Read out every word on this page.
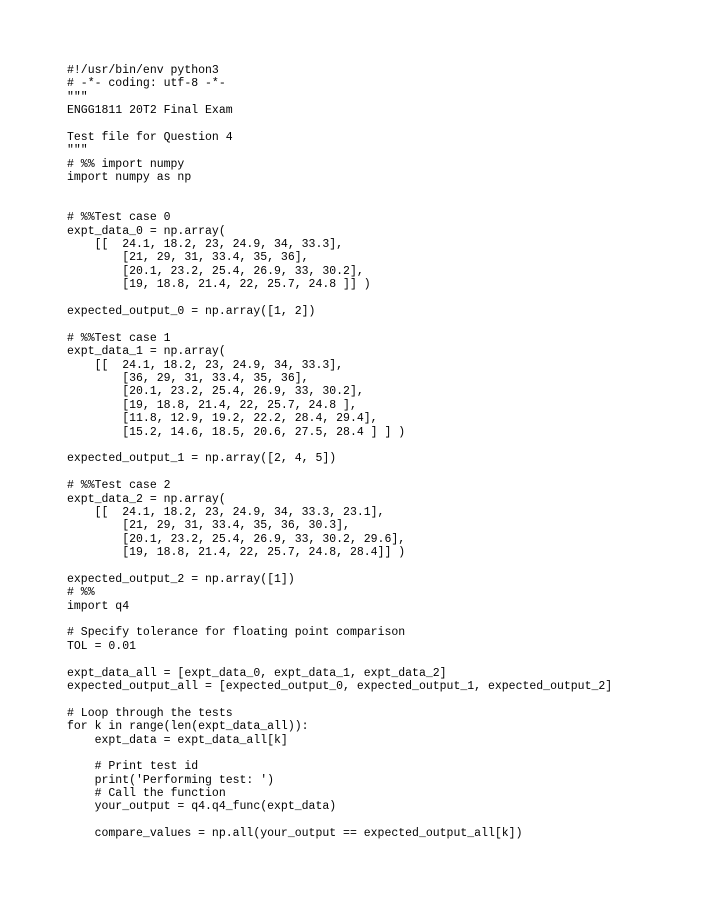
#!/usr/bin/env python3
# -*- coding: utf-8 -*-
"""
ENGG1811 20T2 Final Exam
Test file for Question 4
"""
# %% import numpy
import numpy as np
# %%Test case 0
expt_data_0 = np.array(
[[  24.1, 18.2, 23, 24.9, 34, 33.3],
[21, 29, 31, 33.4, 35, 36],
[20.1, 23.2, 25.4, 26.9, 33, 30.2],
[19, 18.8, 21.4, 22, 25.7, 24.8 ]] )
expected_output_0 = np.array([1, 2])
# %%Test case 1
expt_data_1 = np.array(
[[  24.1, 18.2, 23, 24.9, 34, 33.3],
[36, 29, 31, 33.4, 35, 36],
[20.1, 23.2, 25.4, 26.9, 33, 30.2],
[19, 18.8, 21.4, 22, 25.7, 24.8 ],
[11.8, 12.9, 19.2, 22.2, 28.4, 29.4],
[15.2, 14.6, 18.5, 20.6, 27.5, 28.4 ] ] )
expected_output_1 = np.array([2, 4, 5])
# %%Test case 2
expt_data_2 = np.array(
[[  24.1, 18.2, 23, 24.9, 34, 33.3, 23.1],
[21, 29, 31, 33.4, 35, 36, 30.3],
[20.1, 23.2, 25.4, 26.9, 33, 30.2, 29.6],
[19, 18.8, 21.4, 22, 25.7, 24.8, 28.4]] )
expected_output_2 = np.array([1])
# %%
import q4
# Specify tolerance for floating point comparison
TOL = 0.01
expt_data_all = [expt_data_0, expt_data_1, expt_data_2]
expected_output_all = [expected_output_0, expected_output_1, expected_output_2]
# Loop through the tests
for k in range(len(expt_data_all)):
expt_data = expt_data_all[k]
# Print test id
print('Performing test: ')
# Call the function
your_output = q4.q4_func(expt_data)
compare_values = np.all(your_output == expected_output_all[k])
